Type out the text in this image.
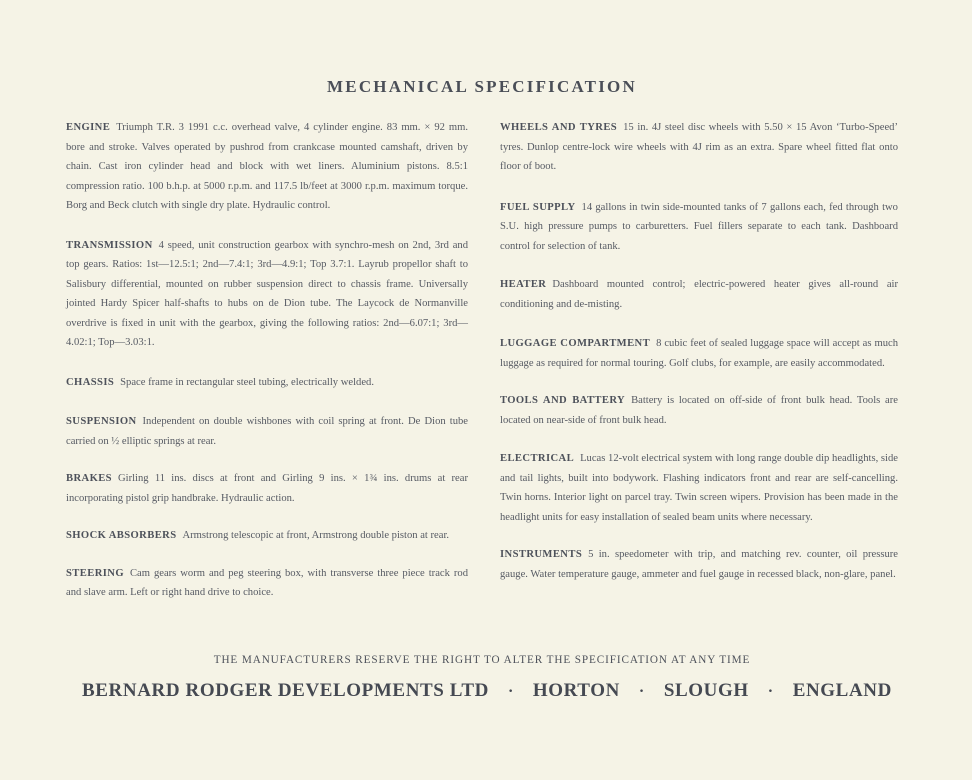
MECHANICAL SPECIFICATION

ENGINE Triumph T.R. 3 1991 c.c. overhead valve, 4 cylinder engine. 83 mm. × 92 mm. bore and stroke. Valves operated by pushrod from crankcase mounted camshaft, driven by chain. Cast iron cylinder head and block with wet liners. Aluminium pistons. 8.5:1 compression ratio. 100 b.h.p. at 5000 r.p.m. and 117.5 lb/feet at 3000 r.p.m. maximum torque. Borg and Beck clutch with single dry plate. Hydraulic control.

TRANSMISSION 4 speed, unit construction gearbox with synchro-mesh on 2nd, 3rd and top gears. Ratios: 1st—12.5:1; 2nd—7.4:1; 3rd—4.9:1; Top 3.7:1. Layrub propellor shaft to Salisbury differential, mounted on rubber suspension direct to chassis frame. Universally jointed Hardy Spicer half-shafts to hubs on de Dion tube. The Laycock de Normanville overdrive is fixed in unit with the gearbox, giving the following ratios: 2nd—6.07:1; 3rd—4.02:1; Top—3.03:1.

CHASSIS Space frame in rectangular steel tubing, electrically welded.

SUSPENSION Independent on double wishbones with coil spring at front. De Dion tube carried on ½ elliptic springs at rear.

BRAKES Girling 11 ins. discs at front and Girling 9 ins. × 1¾ ins. drums at rear incorporating pistol grip handbrake. Hydraulic action.

SHOCK ABSORBERS Armstrong telescopic at front, Armstrong double piston at rear.

STEERING Cam gears worm and peg steering box, with transverse three piece track rod and slave arm. Left or right hand drive to choice.

WHEELS AND TYRES 15 in. 4J steel disc wheels with 5.50 × 15 Avon ‘Turbo-Speed’ tyres. Dunlop centre-lock wire wheels with 4J rim as an extra. Spare wheel fitted flat onto floor of boot.

FUEL SUPPLY 14 gallons in twin side-mounted tanks of 7 gallons each, fed through two S.U. high pressure pumps to carburetters. Fuel fillers separate to each tank. Dashboard control for selection of tank.

HEATER Dashboard mounted control; electric-powered heater gives all-round air conditioning and de-misting.

LUGGAGE COMPARTMENT 8 cubic feet of sealed luggage space will accept as much luggage as required for normal touring. Golf clubs, for example, are easily accommodated.

TOOLS AND BATTERY Battery is located on off-side of front bulk head. Tools are located on near-side of front bulk head.

ELECTRICAL Lucas 12-volt electrical system with long range double dip headlights, side and tail lights, built into bodywork. Flashing indicators front and rear are self-cancelling. Twin horns. Interior light on parcel tray. Twin screen wipers. Provision has been made in the headlight units for easy installation of sealed beam units where necessary.

INSTRUMENTS 5 in. speedometer with trip, and matching rev. counter, oil pressure gauge. Water temperature gauge, ammeter and fuel gauge in recessed black, non-glare, panel.

THE MANUFACTURERS RESERVE THE RIGHT TO ALTER THE SPECIFICATION AT ANY TIME
BERNARD RODGER DEVELOPMENTS LTD · HORTON · SLOUGH · ENGLAND
